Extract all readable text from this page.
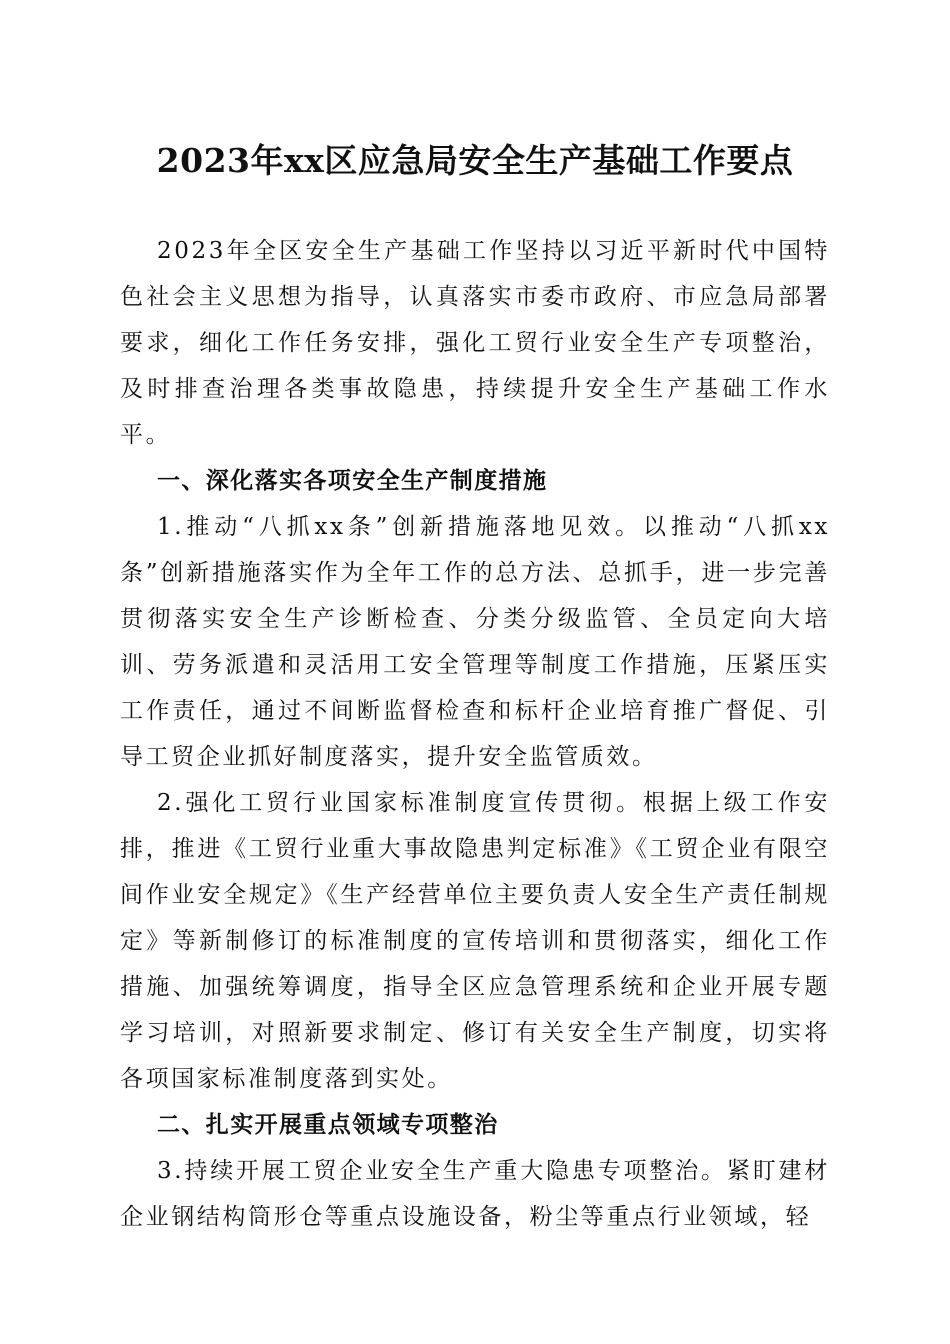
2023年xx区应急局安全生产基础工作要点

2023年全区安全生产基础工作坚持以习近平新时代中国特色社会主义思想为指导，认真落实市委市政府、市应急局部署要求，细化工作任务安排，强化工贸行业安全生产专项整治，及时排查治理各类事故隐患，持续提升安全生产基础工作水平。

一、深化落实各项安全生产制度措施

1.推动“八抓xx条”创新措施落地见效。以推动“八抓xx条”创新措施落实作为全年工作的总方法、总抓手，进一步完善贯彻落实安全生产诊断检查、分类分级监管、全员定向大培训、劳务派遣和灵活用工安全管理等制度工作措施，压紧压实工作责任，通过不间断监督检查和标杆企业培育推广督促、引导工贸企业抓好制度落实，提升安全监管质效。

2.强化工贸行业国家标准制度宣传贯彻。根据上级工作安排，推进《工贸行业重大事故隐患判定标准》《工贸企业有限空间作业安全规定》《生产经营单位主要负责人安全生产责任制规定》等新制修订的标准制度的宣传培训和贯彻落实，细化工作措施、加强统筹调度，指导全区应急管理系统和企业开展专题学习培训，对照新要求制定、修订有关安全生产制度，切实将各项国家标准制度落到实处。

二、扎实开展重点领域专项整治

3.持续开展工贸企业安全生产重大隐患专项整治。紧盯建材企业钢结构筒形仓等重点设施设备，粉尘等重点行业领域，轻
